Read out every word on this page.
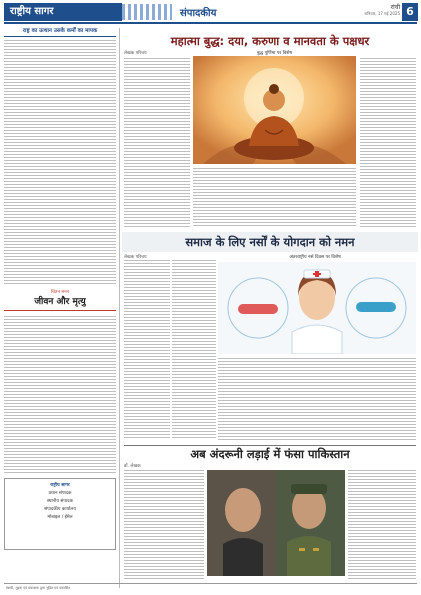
राष्ट्रीय सागर	संपादकीय
रांची
शनिवार, 17 मई 2025 6
राष्ट्र का उत्थान उसके कर्मों का मापक
चिंतन मनन
जीवन और मृत्यु
राष्ट्रीय सागर
प्रधान संपादक
स्थानीय संपादक
संपादकीय कार्यालय
मोबाइल / ईमेल
महात्मा बुद्ध: दया, करुणा व मानवता के पक्षधर
लेखक परिचय	बुद्ध पूर्णिमा पर विशेष
समाज के लिए नर्सों के योगदान को नमन
लेखक परिचय	अंतरराष्ट्रीय नर्स दिवस पर विशेष
अब अंदरूनी लड़ाई में फंसा पाकिस्तान
डॉ. लेखक
स्वामी, मुद्रक एवं प्रकाशक द्वारा मुद्रित एवं प्रकाशित
